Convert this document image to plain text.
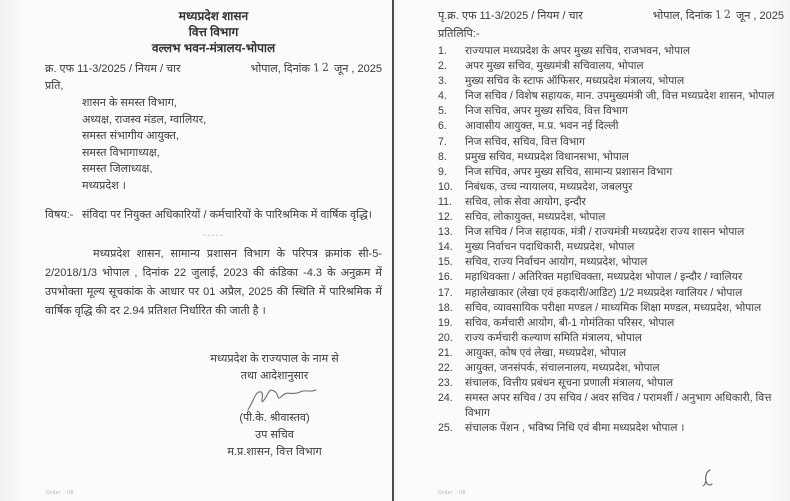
मध्यप्रदेश शासन
वित्त विभाग
वल्लभ भवन-मंत्रालय-भोपाल
क्र. एफ 11-3/2025 / नियम / चार	भोपाल, दिनांक 12 जून , 2025
प्रति,
शासन के समस्त विभाग,
अध्यक्ष, राजस्व मंडल, ग्वालियर,
समस्त संभागीय आयुक्त,
समस्त विभागाध्यक्ष,
समस्त जिलाध्यक्ष,
मध्यप्रदेश ।
विषय:- संविदा पर नियुक्त अधिकारियों / कर्मचारियों के पारिश्रमिक में वार्षिक वृद्धि।
-----
मध्यप्रदेश शासन, सामान्य प्रशासन विभाग के परिपत्र क्रमांक सी-5-2/2018/1/3 भोपाल , दिनांक 22 जुलाई, 2023 की कंडिका -4.3 के अनुक्रम में उपभोक्ता मूल्य सूचकांक के आधार पर 01 अप्रैल, 2025 की स्थिति में पारिश्रमिक में वार्षिक वृद्धि की दर 2.94 प्रतिशत निर्धारित की जाती है ।
मध्यप्रदेश के राज्यपाल के नाम से
तथा आदेशानुसार
(पी.के. श्रीवास्तव)
उप सचिव
म.प्र.शासन, वित्त विभाग
Order - 08
पृ.क्र. एफ 11-3/2025 / नियम / चार	भोपाल, दिनांक 12 जून , 2025
प्रतिलिपि:-
1.	राज्यपाल मध्यप्रदेश के अपर मुख्य सचिव, राजभवन, भोपाल
2.	अपर मुख्य सचिव, मुख्यमंत्री सचिवालय, भोपाल
3.	मुख्य सचिव के स्टाफ ऑफिसर, मध्यप्रदेश मंत्रालय, भोपाल
4.	निज सचिव / विशेष सहायक, मान. उपमुख्यमंत्री जी, वित्त मध्यप्रदेश शासन, भोपाल
5.	निज सचिव, अपर मुख्य सचिव, वित्त विभाग
6.	आवासीय आयुक्त, म.प्र. भवन नई दिल्ली
7.	निज सचिव, सचिव, वित्त विभाग
8.	प्रमुख सचिव, मध्यप्रदेश विधानसभा, भोपाल
9.	निज सचिव, अपर मुख्य सचिव, सामान्य प्रशासन विभाग
10.	निबंधक, उच्च न्यायालय, मध्यप्रदेश, जबलपुर
11.	सचिव, लोक सेवा आयोग, इन्दौर
12.	सचिव, लोकायुक्त, मध्यप्रदेश, भोपाल
13.	निज सचिव / निज सहायक, मंत्री / राज्यमंत्री मध्यप्रदेश राज्य शासन भोपाल
14.	मुख्य निर्वाचन पदाधिकारी, मध्यप्रदेश, भोपाल
15.	सचिव, राज्य निर्वाचन आयोग, मध्यप्रदेश, भोपाल
16.	महाधिवक्ता / अतिरिक्त महाधिवक्ता, मध्यप्रदेश भोपाल / इन्दौर / ग्वालियर
17.	महालेखाकार (लेखा एवं हकदारी/आडिट) 1/2 मध्यप्रदेश ग्वालियर / भोपाल
18.	सचिव, व्यावसायिक परीक्षा मण्डल / माध्यमिक शिक्षा मण्डल, मध्यप्रदेश, भोपाल
19.	सचिव, कर्मचारी आयोग, बी-1 गोमंतिका परिसर, भोपाल
20.	राज्य कर्मचारी कल्याण समिति मंत्रालय, भोपाल
21.	आयुक्त, कोष एवं लेखा, मध्यप्रदेश, भोपाल
22.	आयुक्त, जनसंपर्क, संचालनालय, मध्यप्रदेश, भोपाल
23.	संचालक, वित्तीय प्रबंधन सूचना प्रणाली मंत्रालय, भोपाल
24.	समस्त अपर सचिव / उप सचिव / अवर सचिव / परामर्शी / अनुभाग अधिकारी, वित्त विभाग
25.	संचालक पेंशन , भविष्य निधि एवं बीमा मध्यप्रदेश भोपाल ।
Order - 08
